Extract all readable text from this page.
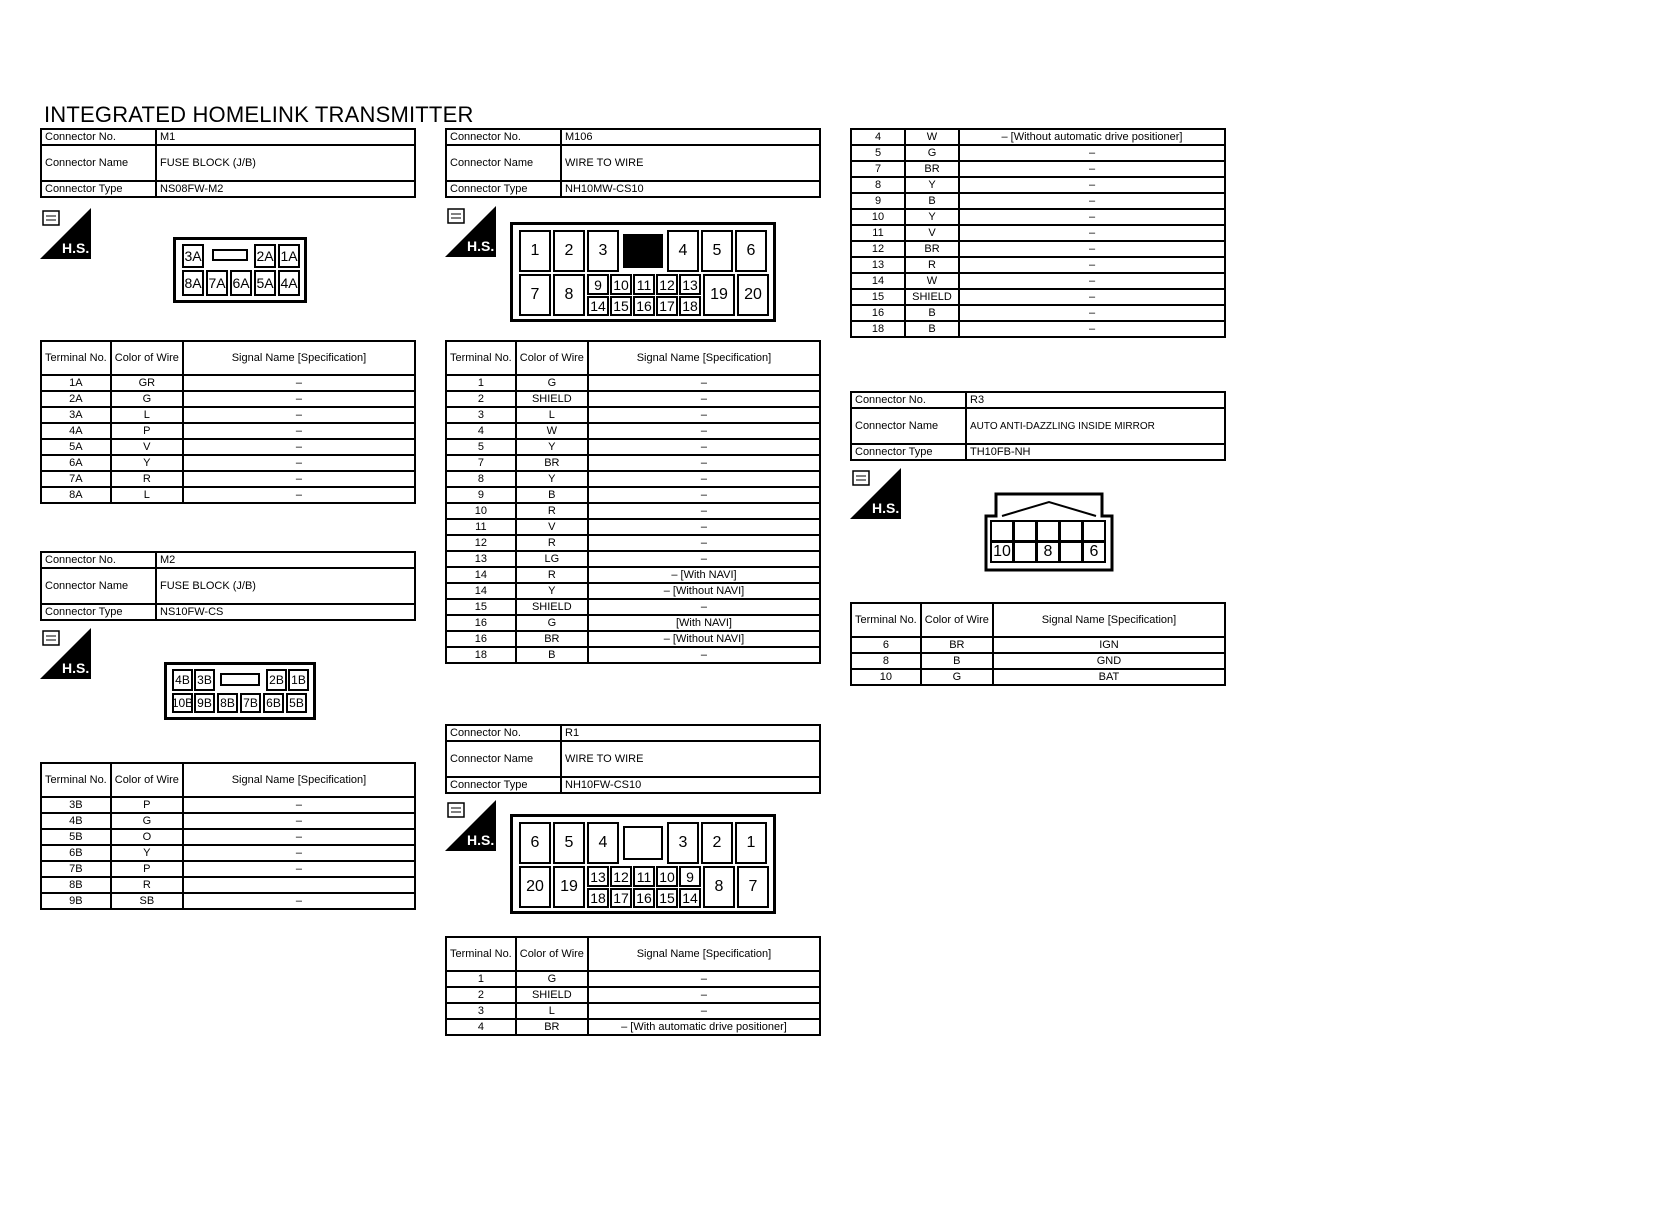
INTEGRATED HOMELINK TRANSMITTER
Connector No.	M1
Connector Name	FUSE BLOCK (J/B)
Connector Type	NS08FW-M2
H.S.	3A	2A 1A
8A 7A 6A 5A 4A
Terminal No.	Color of Wire	Signal Name [Specification]
1A	GR	–
2A	G	–
3A	L	–
4A	P	–
5A	V	–
6A	Y	–
7A	R	–
8A	L	–
Connector No.	M2
Connector Name	FUSE BLOCK (J/B)
Connector Type	NS10FW-CS
H.S.
4B 3B	2B 1B
10B 9B 8B 7B 6B 5B
Terminal No.	Color of Wire	Signal Name [Specification]
3B	P	–
4B	G	–
5B	O	–
6B	Y	–
7B	P	–
8B	R	
9B	SB	–
Connector No.	M106
Connector Name	WIRE TO WIRE
Connector Type	NH10MW-CS10
H.S.	1	2	3	4	5	6
7	8
9 10 11 12 13
14 15 16 17 18
19	20
Terminal No.	Color of Wire	Signal Name [Specification]
1	G	–
2	SHIELD	–
3	L	–
4	W	–
5	Y	–
7	BR	–
8	Y	–
9	B	–
10	R	–
11	V	–
12	R	–
13	LG	–
14	R	– [With NAVI]
14	Y	– [Without NAVI]
15	SHIELD	–
16	G	[With NAVI]
16	BR	– [Without NAVI]
18	B	–
Connector No.	R1
Connector Name	WIRE TO WIRE
Connector Type	NH10FW-CS10
H.S.	6	5	4	3	2	1
20	19
13 12 11 10 9
18 17 16 15 14
8	7
Terminal No.	Color of Wire	Signal Name [Specification]
1	G	–
2	SHIELD	–
3	L	–
4	BR	– [With automatic drive positioner]
4	W	– [Without automatic drive positioner]
5	G	–
7	BR	–
8	Y	–
9	B	–
10	Y	–
11	V	–
12	BR	–
13	R	–
14	W	–
15	SHIELD	–
16	B	–
18	B	–
Connector No.	R3
Connector Name	AUTO ANTI-DAZZLING INSIDE MIRROR
Connector Type	TH10FB-NH
H.S.
10	8	6
Terminal No.	Color of Wire	Signal Name [Specification]
6	BR	IGN
8	B	GND
10	G	BAT
